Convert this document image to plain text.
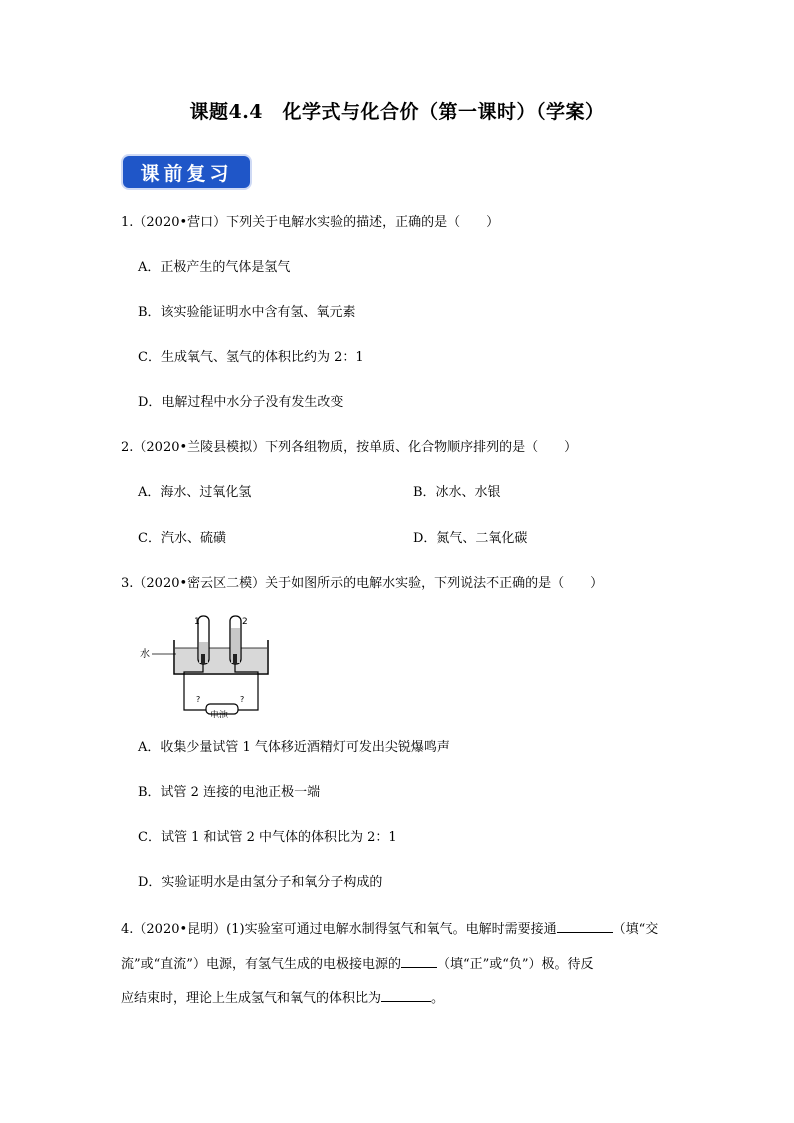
课题4.4　化学式与化合价（第一课时）（学案）
课前复习
1.（2020•营口）下列关于电解水实验的描述，正确的是（　　）
A．正极产生的气体是氢气
B．该实验能证明水中含有氢、氧元素
C．生成氧气、氢气的体积比约为 2：1
D．电解过程中水分子没有发生改变
2.（2020•兰陵县模拟）下列各组物质，按单质、化合物顺序排列的是（　　）
A．海水、过氧化氢	B．冰水、水银
C．汽水、硫磺	D．氮气、二氧化碳
3.（2020•密云区二模）关于如图所示的电解水实验，下列说法不正确的是（　　）
1	2
水
?	?
电池
A．收集少量试管 1 气体移近酒精灯可发出尖锐爆鸣声
B．试管 2 连接的电池正极一端
C．试管 1 和试管 2 中气体的体积比为 2：1
D．实验证明水是由氢分子和氧分子构成的
4.（2020•昆明）(1)实验室可通过电解水制得氢气和氧气。电解时需要接通	（填“交
流”或“直流”）电源，有氢气生成的电极接电源的	（填“正”或“负”）极。待反
应结束时，理论上生成氢气和氧气的体积比为	。
